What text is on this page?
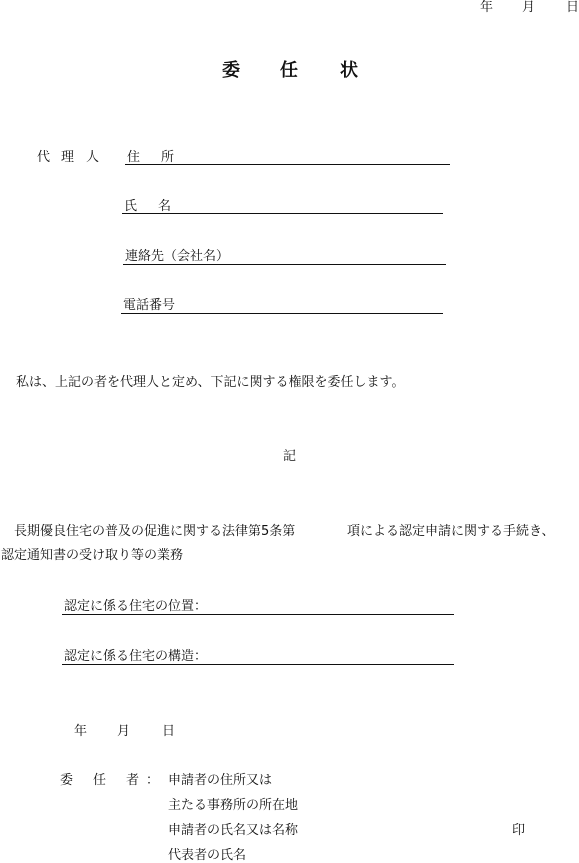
年 月 日
委 任 状
代 理 人 住 所
氏 名
連絡先（会社名）
電話番号
私は、上記の者を代理人と定め、下記に関する権限を委任します。
記
長期優良住宅の普及の促進に関する法律第5条第	項による認定申請に関する手続き、
認定通知書の受け取り等の業務
認定に係る住宅の位置：
認定に係る住宅の構造：
年 月 日
委 任 者 ： 申請者の住所又は
主たる事務所の所在地
申請者の氏名又は名称	印
代表者の氏名
